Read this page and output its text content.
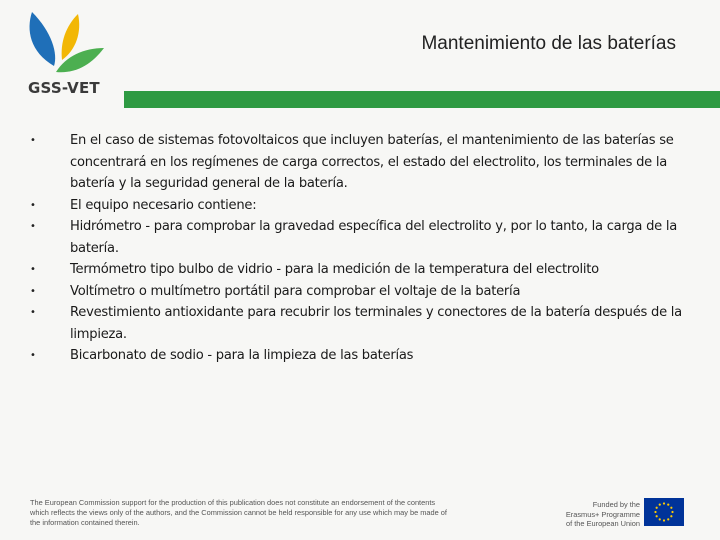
GSS-VET
Mantenimiento de las baterías
• En el caso de sistemas fotovoltaicos que incluyen baterías, el mantenimiento de las baterías se concentrará en los regímenes de carga correctos, el estado del electrolito, los terminales de la batería y la seguridad general de la batería.
• El equipo necesario contiene:
• Hidrómetro - para comprobar la gravedad específica del electrolito y, por lo tanto, la carga de la batería.
• Termómetro tipo bulbo de vidrio - para la medición de la temperatura del electrolito
• Voltímetro o multímetro portátil para comprobar el voltaje de la batería
• Revestimiento antioxidante para recubrir los terminales y conectores de la batería después de la limpieza.
• Bicarbonato de sodio - para la limpieza de las baterías
The European Commission support for the production of this publication does not constitute an endorsement of the contents which reflects the views only of the authors, and the Commission cannot be held responsible for any use which may be made of the information contained therein.
Funded by the Erasmus+ Programme of the European Union
